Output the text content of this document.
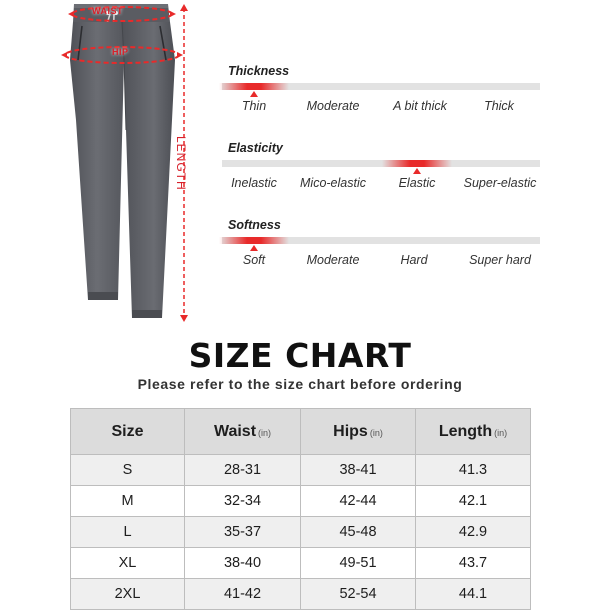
WAIST
HIP
LENGTH
Thickness
Thin	Moderate	A bit thick	Thick
Elasticity
Inelastic	Mico-elastic	Elastic	Super-elastic
Softness
Soft	Moderate	Hard	Super hard
SIZE CHART
Please refer to the size chart before ordering
Size	Waist (in)	Hips (in)	Length (in)
S	28-31	38-41	41.3
M	32-34	42-44	42.1
L	35-37	45-48	42.9
XL	38-40	49-51	43.7
2XL	41-42	52-54	44.1
